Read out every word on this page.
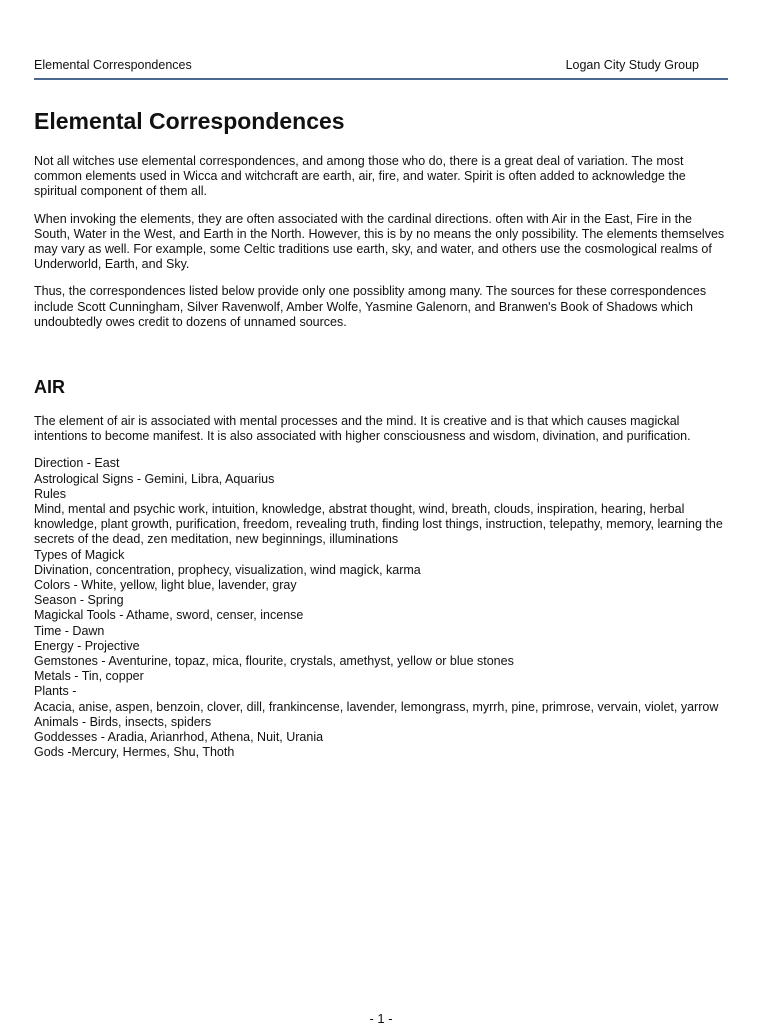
Elemental Correspondences	Logan City Study Group
Elemental Correspondences

Not all witches use elemental correspondences, and among those who do, there is a great deal of variation. The most common elements used in Wicca and witchcraft are earth, air, fire, and water. Spirit is often added to acknowledge the spiritual component of them all.

When invoking the elements, they are often associated with the cardinal directions. often with Air in the East, Fire in the South, Water in the West, and Earth in the North. However, this is by no means the only possibility. The elements themselves may vary as well. For example, some Celtic traditions use earth, sky, and water, and others use the cosmological realms of Underworld, Earth, and Sky.

Thus, the correspondences listed below provide only one possiblity among many. The sources for these correspondences include Scott Cunningham, Silver Ravenwolf, Amber Wolfe, Yasmine Galenorn, and Branwen's Book of Shadows which undoubtedly owes credit to dozens of unnamed sources.

AIR

The element of air is associated with mental processes and the mind. It is creative and is that which causes magickal intentions to become manifest. It is also associated with higher consciousness and wisdom, divination, and purification.

Direction - East
Astrological Signs - Gemini, Libra, Aquarius
Rules
Mind, mental and psychic work, intuition, knowledge, abstrat thought, wind, breath, clouds, inspiration, hearing, herbal knowledge, plant growth, purification, freedom, revealing truth, finding lost things, instruction, telepathy, memory, learning the secrets of the dead, zen meditation, new beginnings, illuminations
Types of Magick
Divination, concentration, prophecy, visualization, wind magick, karma
Colors - White, yellow, light blue, lavender, gray
Season - Spring
Magickal Tools - Athame, sword, censer, incense
Time - Dawn
Energy - Projective
Gemstones - Aventurine, topaz, mica, flourite, crystals, amethyst, yellow or blue stones
Metals - Tin, copper
Plants -
Acacia, anise, aspen, benzoin, clover, dill, frankincense, lavender, lemongrass, myrrh, pine, primrose, vervain, violet, yarrow
Animals - Birds, insects, spiders
Goddesses - Aradia, Arianrhod, Athena, Nuit, Urania
Gods -Mercury, Hermes, Shu, Thoth
- 1 -
